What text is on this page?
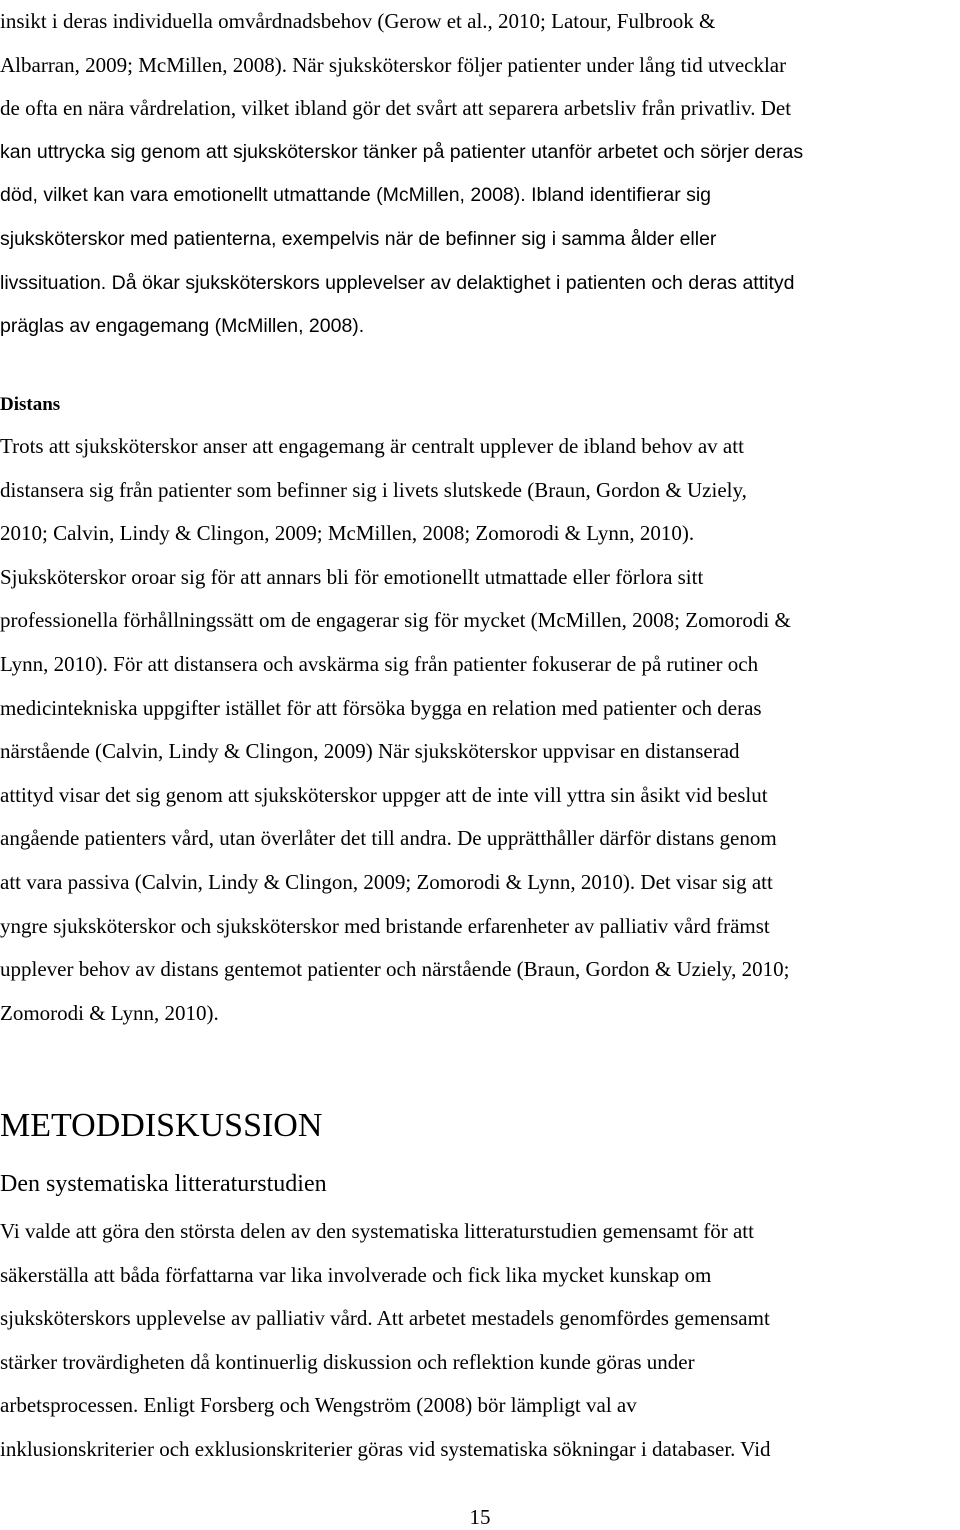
insikt i deras individuella omvårdnadsbehov (Gerow et al., 2010; Latour, Fulbrook &
Albarran, 2009; McMillen, 2008). När sjuksköterskor följer patienter under lång tid utvecklar
de ofta en nära vårdrelation, vilket ibland gör det svårt att separera arbetsliv från privatliv. Det
kan uttrycka sig genom att sjuksköterskor tänker på patienter utanför arbetet och sörjer deras
död, vilket kan vara emotionellt utmattande (McMillen, 2008). Ibland identifierar sig
sjuksköterskor med patienterna, exempelvis när de befinner sig i samma ålder eller
livssituation. Då ökar sjuksköterskors upplevelser av delaktighet i patienten och deras attityd
präglas av engagemang (McMillen, 2008).
Distans
Trots att sjuksköterskor anser att engagemang är centralt upplever de ibland behov av att
distansera sig från patienter som befinner sig i livets slutskede (Braun, Gordon & Uziely,
2010; Calvin, Lindy & Clingon, 2009; McMillen, 2008; Zomorodi & Lynn, 2010).
Sjuksköterskor oroar sig för att annars bli för emotionellt utmattade eller förlora sitt
professionella förhållningssätt om de engagerar sig för mycket (McMillen, 2008; Zomorodi &
Lynn, 2010). För att distansera och avskärma sig från patienter fokuserar de på rutiner och
medicintekniska uppgifter istället för att försöka bygga en relation med patienter och deras
närstående (Calvin, Lindy & Clingon, 2009) När sjuksköterskor uppvisar en distanserad
attityd visar det sig genom att sjuksköterskor uppger att de inte vill yttra sin åsikt vid beslut
angående patienters vård, utan överlåter det till andra. De upprätthåller därför distans genom
att vara passiva (Calvin, Lindy & Clingon, 2009; Zomorodi & Lynn, 2010). Det visar sig att
yngre sjuksköterskor och sjuksköterskor med bristande erfarenheter av palliativ vård främst
upplever behov av distans gentemot patienter och närstående (Braun, Gordon & Uziely, 2010;
Zomorodi & Lynn, 2010).
METODDISKUSSION
Den systematiska litteraturstudien
Vi valde att göra den största delen av den systematiska litteraturstudien gemensamt för att
säkerställa att båda författarna var lika involverade och fick lika mycket kunskap om
sjuksköterskors upplevelse av palliativ vård. Att arbetet mestadels genomfördes gemensamt
stärker trovärdigheten då kontinuerlig diskussion och reflektion kunde göras under
arbetsprocessen. Enligt Forsberg och Wengström (2008) bör lämpligt val av
inklusionskriterier och exklusionskriterier göras vid systematiska sökningar i databaser. Vid
15
